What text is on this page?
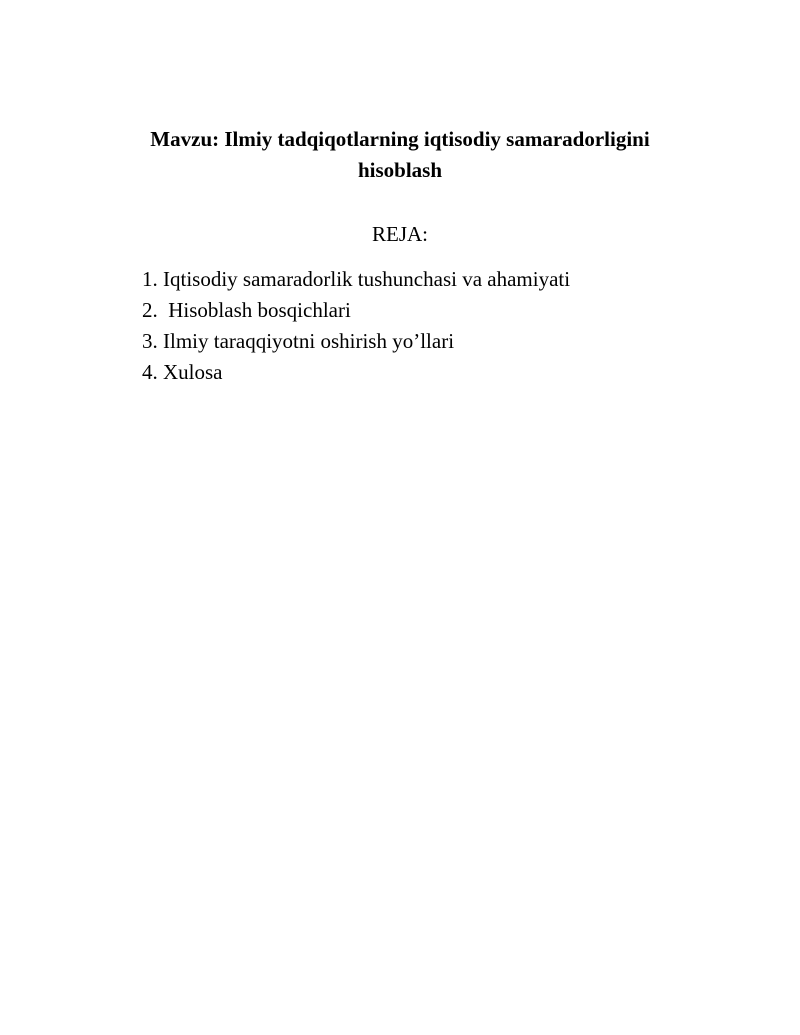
Mavzu: Ilmiy tadqiqotlarning iqtisodiy samaradorligini
hisoblash
REJA:
1. Iqtisodiy samaradorlik tushunchasi va ahamiyati
2.  Hisoblash bosqichlari
3. Ilmiy taraqqiyotni oshirish yo’llari
4. Xulosa
